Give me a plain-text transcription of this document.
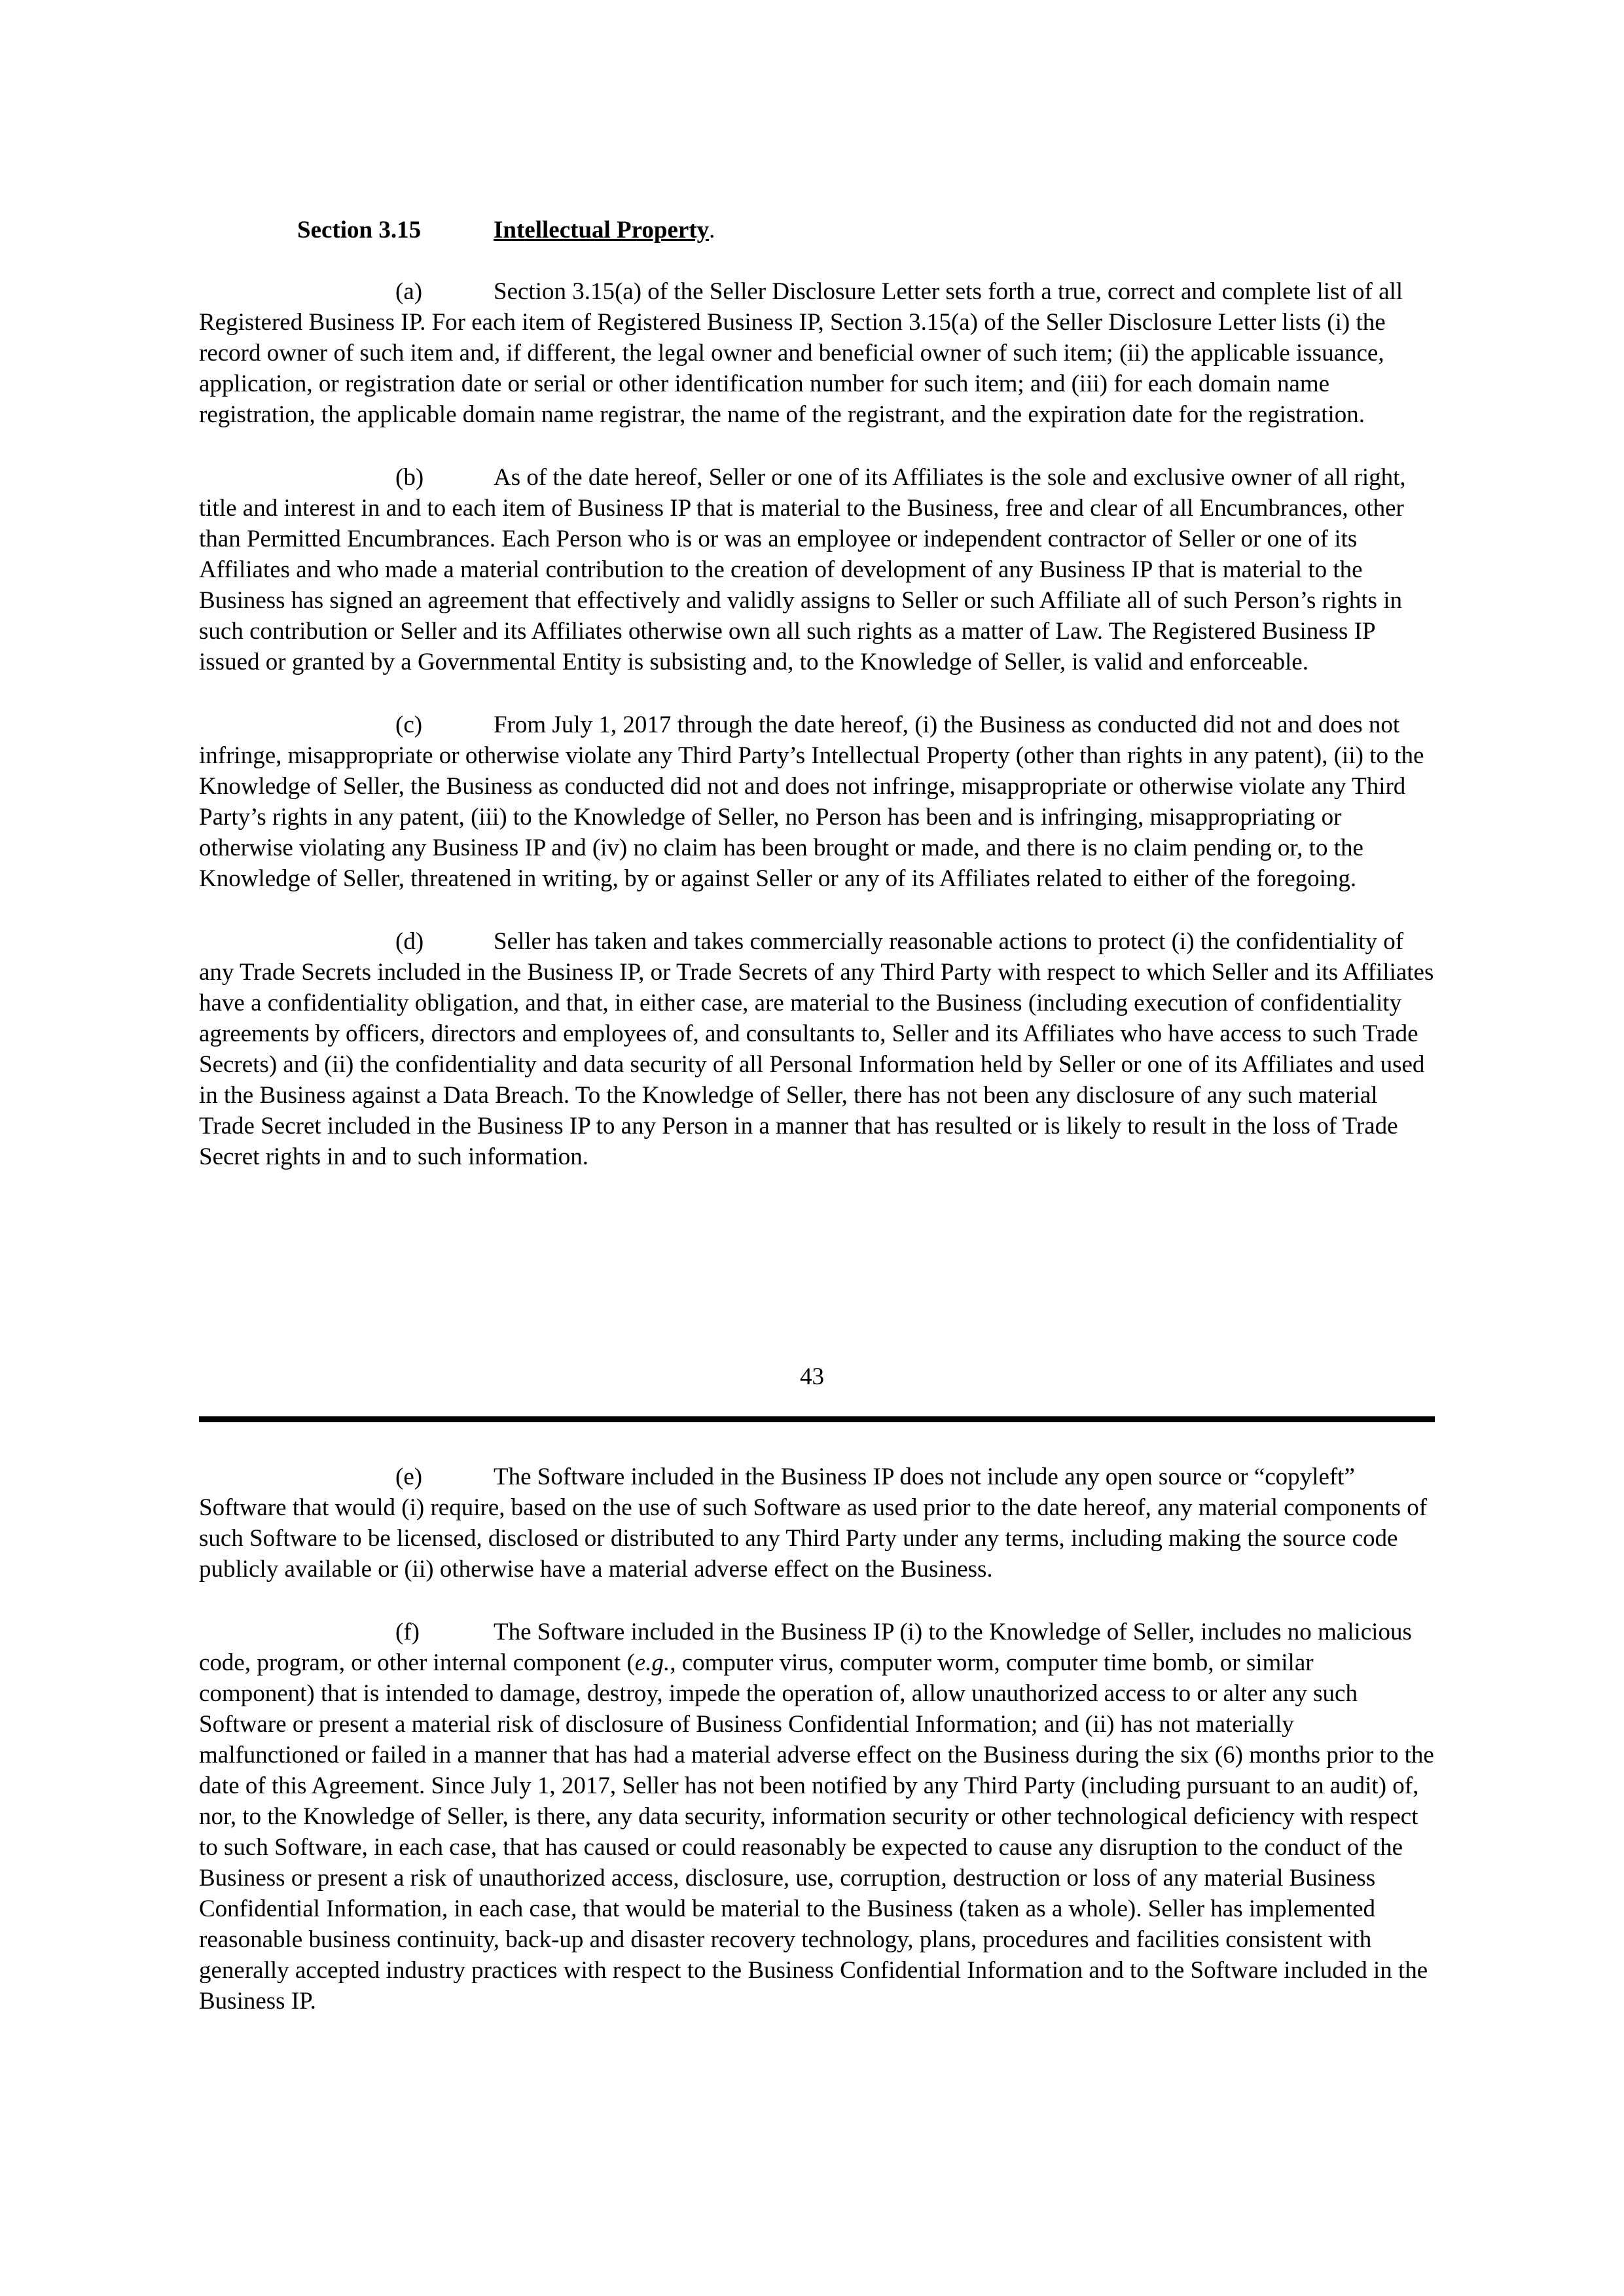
Section 3.15	Intellectual Property.

(a)	Section 3.15(a) of the Seller Disclosure Letter sets forth a true, correct and complete list of all Registered Business IP. For each item of Registered Business IP, Section 3.15(a) of the Seller Disclosure Letter lists (i) the record owner of such item and, if different, the legal owner and beneficial owner of such item; (ii) the applicable issuance, application, or registration date or serial or other identification number for such item; and (iii) for each domain name registration, the applicable domain name registrar, the name of the registrant, and the expiration date for the registration.

(b)	As of the date hereof, Seller or one of its Affiliates is the sole and exclusive owner of all right, title and interest in and to each item of Business IP that is material to the Business, free and clear of all Encumbrances, other than Permitted Encumbrances. Each Person who is or was an employee or independent contractor of Seller or one of its Affiliates and who made a material contribution to the creation of development of any Business IP that is material to the Business has signed an agreement that effectively and validly assigns to Seller or such Affiliate all of such Person’s rights in such contribution or Seller and its Affiliates otherwise own all such rights as a matter of Law. The Registered Business IP issued or granted by a Governmental Entity is subsisting and, to the Knowledge of Seller, is valid and enforceable.

(c)	From July 1, 2017 through the date hereof, (i) the Business as conducted did not and does not infringe, misappropriate or otherwise violate any Third Party’s Intellectual Property (other than rights in any patent), (ii) to the Knowledge of Seller, the Business as conducted did not and does not infringe, misappropriate or otherwise violate any Third Party’s rights in any patent, (iii) to the Knowledge of Seller, no Person has been and is infringing, misappropriating or otherwise violating any Business IP and (iv) no claim has been brought or made, and there is no claim pending or, to the Knowledge of Seller, threatened in writing, by or against Seller or any of its Affiliates related to either of the foregoing.

(d)	Seller has taken and takes commercially reasonable actions to protect (i) the confidentiality of any Trade Secrets included in the Business IP, or Trade Secrets of any Third Party with respect to which Seller and its Affiliates have a confidentiality obligation, and that, in either case, are material to the Business (including execution of confidentiality agreements by officers, directors and employees of, and consultants to, Seller and its Affiliates who have access to such Trade Secrets) and (ii) the confidentiality and data security of all Personal Information held by Seller or one of its Affiliates and used in the Business against a Data Breach. To the Knowledge of Seller, there has not been any disclosure of any such material Trade Secret included in the Business IP to any Person in a manner that has resulted or is likely to result in the loss of Trade Secret rights in and to such information.

43

(e)	The Software included in the Business IP does not include any open source or “copyleft” Software that would (i) require, based on the use of such Software as used prior to the date hereof, any material components of such Software to be licensed, disclosed or distributed to any Third Party under any terms, including making the source code publicly available or (ii) otherwise have a material adverse effect on the Business.

(f)	The Software included in the Business IP (i) to the Knowledge of Seller, includes no malicious code, program, or other internal component (e.g., computer virus, computer worm, computer time bomb, or similar component) that is intended to damage, destroy, impede the operation of, allow unauthorized access to or alter any such Software or present a material risk of disclosure of Business Confidential Information; and (ii) has not materially malfunctioned or failed in a manner that has had a material adverse effect on the Business during the six (6) months prior to the date of this Agreement. Since July 1, 2017, Seller has not been notified by any Third Party (including pursuant to an audit) of, nor, to the Knowledge of Seller, is there, any data security, information security or other technological deficiency with respect to such Software, in each case, that has caused or could reasonably be expected to cause any disruption to the conduct of the Business or present a risk of unauthorized access, disclosure, use, corruption, destruction or loss of any material Business Confidential Information, in each case, that would be material to the Business (taken as a whole). Seller has implemented reasonable business continuity, back-up and disaster recovery technology, plans, procedures and facilities consistent with generally accepted industry practices with respect to the Business Confidential Information and to the Software included in the Business IP.
